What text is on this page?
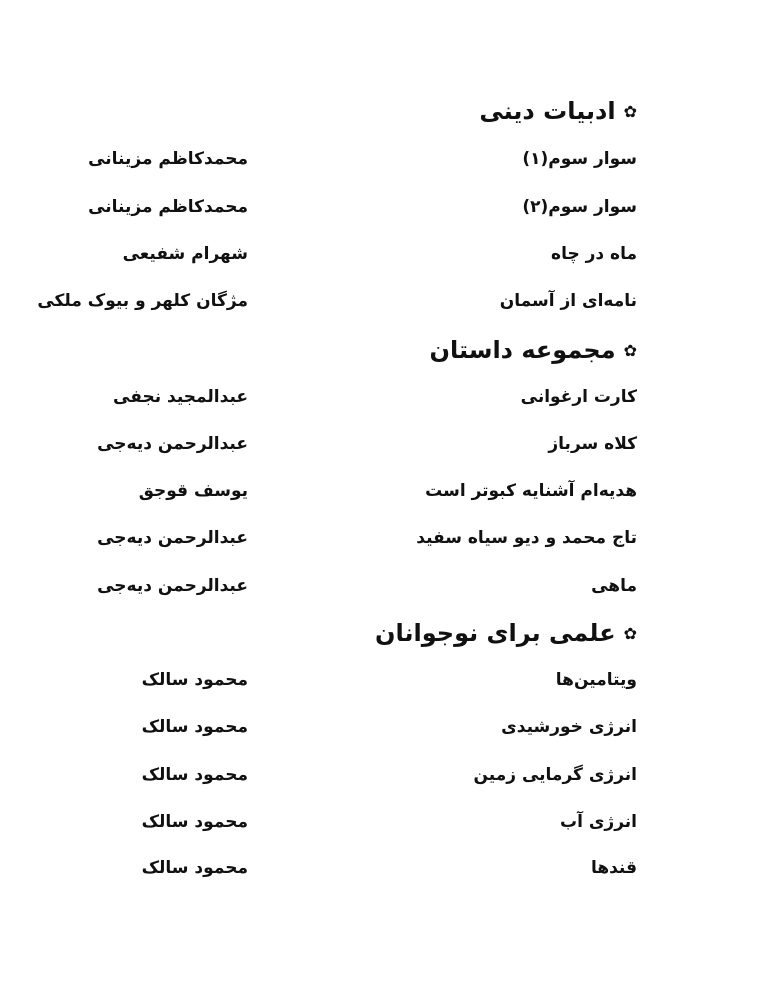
✿ادبیات دینی
سوار سوم(۱)
محمدکاظم مزینانی
سوار سوم(۲)
محمدکاظم مزینانی
ماه در چاه
شهرام شفیعی
نامه‌ای از آسمان
مژگان کلهر و بیوک ملکی
✿مجموعه داستان
کارت ارغوانی
عبدالمجید نجفی
کلاه سرباز
عبدالرحمن دیه‌جی
هدیه‌ام آشنایه کبوتر است
یوسف قوجق
تاج محمد و دیو سیاه سفید
عبدالرحمن دیه‌جی
ماهی
عبدالرحمن دیه‌جی
✿علمی برای نوجوانان
ویتامین‌ها
محمود سالک
انرژی خورشیدی
محمود سالک
انرژی گرمایی زمین
محمود سالک
انرژی آب
محمود سالک
قندها
محمود سالک
